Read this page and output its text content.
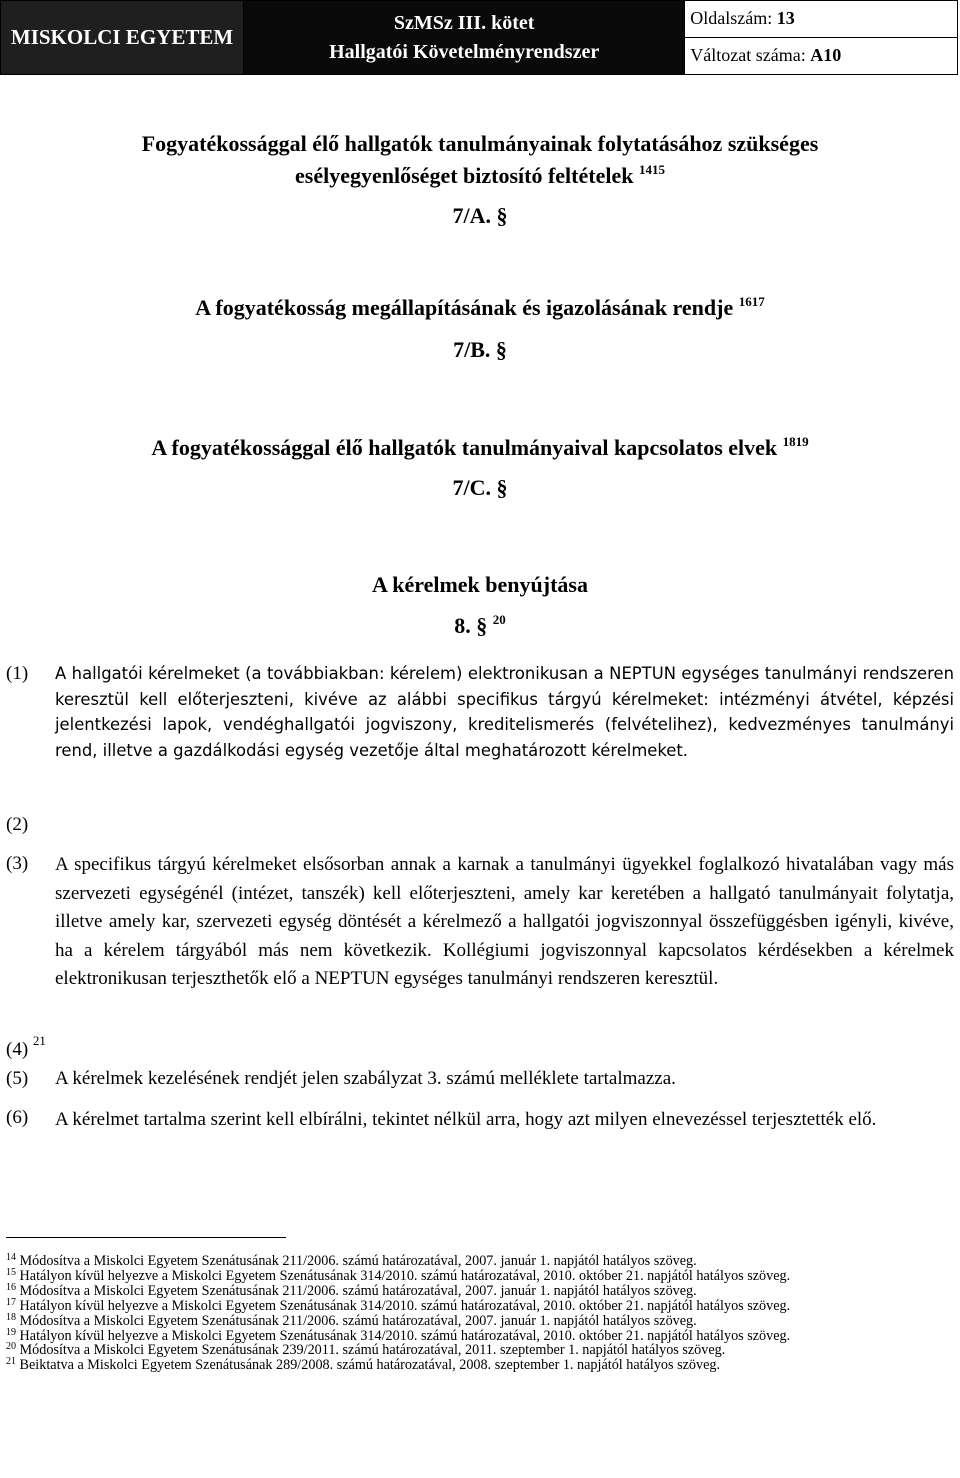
MISKOLCI EGYETEM	
SzMSz III. kötet
Hallgatói Követelményrendszer

Oldalszám: 13
Változat száma: A10
Fogyatékossággal élő hallgatók tanulmányainak folytatásához szükséges
esélyegyenlőséget biztosító feltételek $^{1415}$
7/A. §
A fogyatékosság megállapításának és igazolásának rendje $^{1617}$
7/B. §
A fogyatékossággal élő hallgatók tanulmányaival kapcsolatos elvek $^{1819}$
7/C. §
A kérelmek benyújtása
8. § $^{20}$
(1) A hallgatói kérelmeket (a továbbiakban: kérelem) elektronikusan a NEPTUN egységes tanulmányi rendszeren keresztül kell előterjeszteni, kivéve az alábbi specifikus tárgyú kérelmeket: intézményi átvétel, képzési jelentkezési lapok, vendéghallgatói jogviszony, kreditelismerés (felvételihez), kedvezményes tanulmányi rend, illetve a gazdálkodási egység vezetője által meghatározott kérelmeket.
(2)
(3) A specifikus tárgyú kérelmeket elsősorban annak a karnak a tanulmányi ügyekkel foglalkozó hivatalában vagy más szervezeti egységénél (intézet, tanszék) kell előterjeszteni, amely kar keretében a hallgató tanulmányait folytatja, illetve amely kar, szervezeti egység döntését a kérelmező a hallgatói jogviszonnyal összefüggésben igényli, kivéve, ha a kérelem tárgyából más nem következik. Kollégiumi jogviszonnyal kapcsolatos kérdésekben a kérelmek elektronikusan terjeszthetők elő a NEPTUN egységes tanulmányi rendszeren keresztül.
(4) $^{21}$
(5) A kérelmek kezelésének rendjét jelen szabályzat 3. számú melléklete tartalmazza.
(6) A kérelmet tartalma szerint kell elbírálni, tekintet nélkül arra, hogy azt milyen elnevezéssel terjesztették elő.
$^{14}$ Módosítva a Miskolci Egyetem Szenátusának 211/2006. számú határozatával, 2007. január 1. napjától hatályos szöveg.
$^{15}$ Hatályon kívül helyezve a Miskolci Egyetem Szenátusának 314/2010. számú határozatával, 2010. október 21. napjától hatályos szöveg.
$^{16}$ Módosítva a Miskolci Egyetem Szenátusának 211/2006. számú határozatával, 2007. január 1. napjától hatályos szöveg.
$^{17}$ Hatályon kívül helyezve a Miskolci Egyetem Szenátusának 314/2010. számú határozatával, 2010. október 21. napjától hatályos szöveg.
$^{18}$ Módosítva a Miskolci Egyetem Szenátusának 211/2006. számú határozatával, 2007. január 1. napjától hatályos szöveg.
$^{19}$ Hatályon kívül helyezve a Miskolci Egyetem Szenátusának 314/2010. számú határozatával, 2010. október 21. napjától hatályos szöveg.
$^{20}$ Módosítva a Miskolci Egyetem Szenátusának 239/2011. számú határozatával, 2011. szeptember 1. napjától hatályos szöveg.
$^{21}$ Beiktatva a Miskolci Egyetem Szenátusának 289/2008. számú határozatával, 2008. szeptember 1. napjától hatályos szöveg.
